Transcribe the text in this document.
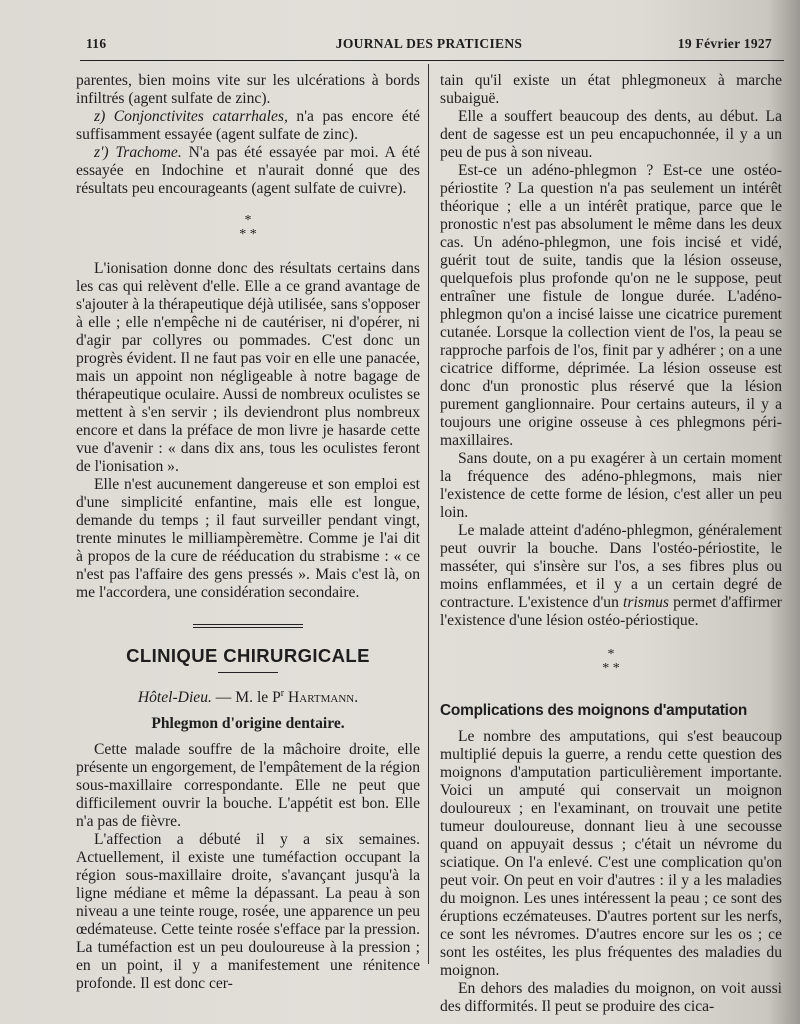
116	JOURNAL DES PRATICIENS	19 Février 1927

parentes, bien moins vite sur les ulcérations à bords infiltrés (agent sulfate de zinc).

z) Conjonctivites catarrhales, n'a pas encore été suffisamment essayée (agent sulfate de zinc).

z') Trachome. N'a pas été essayée par moi. A été essayée en Indochine et n'aurait donné que des résultats peu encourageants (agent sulfate de cuivre).

*
* *

L'ionisation donne donc des résultats certains dans les cas qui relèvent d'elle. Elle a ce grand avantage de s'ajouter à la thérapeutique déjà utilisée, sans s'opposer à elle ; elle n'empêche ni de cautériser, ni d'opérer, ni d'agir par collyres ou pommades. C'est donc un progrès évident. Il ne faut pas voir en elle une panacée, mais un appoint non négligeable à notre bagage de thérapeutique oculaire. Aussi de nombreux oculistes se mettent à s'en servir ; ils deviendront plus nombreux encore et dans la préface de mon livre je hasarde cette vue d'avenir : « dans dix ans, tous les oculistes feront de l'ionisation ».

Elle n'est aucunement dangereuse et son emploi est d'une simplicité enfantine, mais elle est longue, demande du temps ; il faut surveiller pendant vingt, trente minutes le milliampèremètre. Comme je l'ai dit à propos de la cure de rééducation du strabisme : « ce n'est pas l'affaire des gens pressés ». Mais c'est là, on me l'accordera, une considération secondaire.

CLINIQUE CHIRURGICALE

Hôtel-Dieu. — M. le $P^r$ Hartmann.

Phlegmon d'origine dentaire.

Cette malade souffre de la mâchoire droite, elle présente un engorgement, de l'empâtement de la région sous-maxillaire correspondante. Elle ne peut que difficilement ouvrir la bouche. L'appétit est bon. Elle n'a pas de fièvre.

L'affection a débuté il y a six semaines. Actuellement, il existe une tuméfaction occupant la région sous-maxillaire droite, s'avançant jusqu'à la ligne médiane et même la dépassant. La peau à son niveau a une teinte rouge, rosée, une apparence un peu œdémateuse. Cette teinte rosée s'efface par la pression. La tuméfaction est un peu douloureuse à la pression ; en un point, il y a manifestement une rénitence profonde. Il est donc cer-

tain qu'il existe un état phlegmoneux à marche subaiguë.

Elle a souffert beaucoup des dents, au début. La dent de sagesse est un peu encapuchonnée, il y a un peu de pus à son niveau.

Est-ce un adéno-phlegmon ? Est-ce une ostéo-périostite ? La question n'a pas seulement un intérêt théorique ; elle a un intérêt pratique, parce que le pronostic n'est pas absolument le même dans les deux cas. Un adéno-phlegmon, une fois incisé et vidé, guérit tout de suite, tandis que la lésion osseuse, quelquefois plus profonde qu'on ne le suppose, peut entraîner une fistule de longue durée. L'adéno-phlegmon qu'on a incisé laisse une cicatrice purement cutanée. Lorsque la collection vient de l'os, la peau se rapproche parfois de l'os, finit par y adhérer ; on a une cicatrice difforme, déprimée. La lésion osseuse est donc d'un pronostic plus réservé que la lésion purement ganglionnaire. Pour certains auteurs, il y a toujours une origine osseuse à ces phlegmons péri-maxillaires.

Sans doute, on a pu exagérer à un certain moment la fréquence des adéno-phlegmons, mais nier l'existence de cette forme de lésion, c'est aller un peu loin.

Le malade atteint d'adéno-phlegmon, généralement peut ouvrir la bouche. Dans l'ostéo-périostite, le masséter, qui s'insère sur l'os, a ses fibres plus ou moins enflammées, et il y a un certain degré de contracture. L'existence d'un trismus permet d'affirmer l'existence d'une lésion ostéo-périostique.

*
* *

Complications des moignons d'amputation

Le nombre des amputations, qui s'est beaucoup multiplié depuis la guerre, a rendu cette question des moignons d'amputation particulièrement importante. Voici un amputé qui conservait un moignon douloureux ; en l'examinant, on trouvait une petite tumeur douloureuse, donnant lieu à une secousse quand on appuyait dessus ; c'était un névrome du sciatique. On l'a enlevé. C'est une complication qu'on peut voir. On peut en voir d'autres : il y a les maladies du moignon. Les unes intéressent la peau ; ce sont des éruptions eczémateuses. D'autres portent sur les nerfs, ce sont les névromes. D'autres encore sur les os ; ce sont les ostéites, les plus fréquentes des maladies du moignon.

En dehors des maladies du moignon, on voit aussi des difformités. Il peut se produire des cica-
